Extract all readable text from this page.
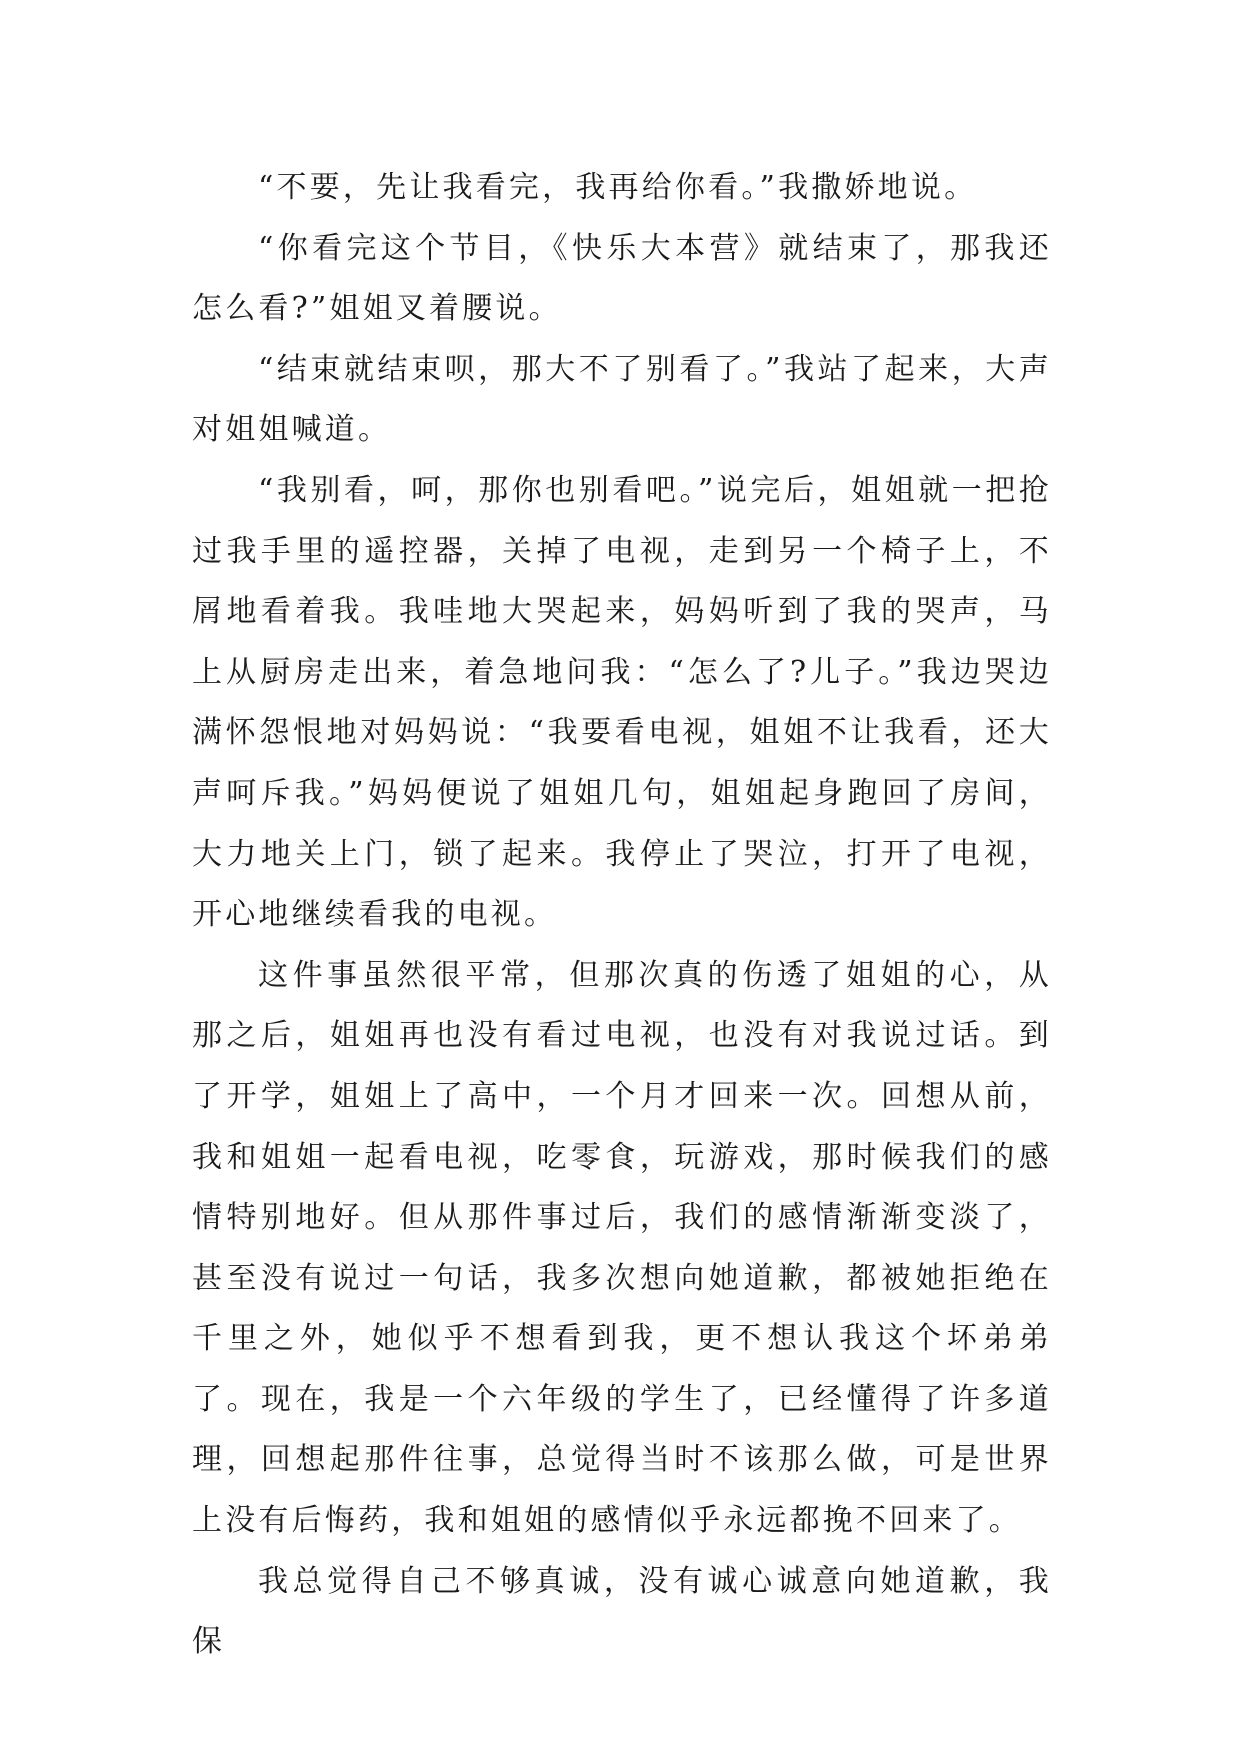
“不要，先让我看完，我再给你看。”我撒娇地说。

“你看完这个节目，《快乐大本营》就结束了，那我还怎么看?”姐姐叉着腰说。

“结束就结束呗，那大不了别看了。”我站了起来，大声对姐姐喊道。

“我别看，呵，那你也别看吧。”说完后，姐姐就一把抢过我手里的遥控器，关掉了电视，走到另一个椅子上，不屑地看着我。我哇地大哭起来，妈妈听到了我的哭声，马上从厨房走出来，着急地问我：“怎么了?儿子。”我边哭边满怀怨恨地对妈妈说：“我要看电视，姐姐不让我看，还大声呵斥我。”妈妈便说了姐姐几句，姐姐起身跑回了房间，大力地关上门，锁了起来。我停止了哭泣，打开了电视，开心地继续看我的电视。

这件事虽然很平常，但那次真的伤透了姐姐的心，从那之后，姐姐再也没有看过电视，也没有对我说过话。到了开学，姐姐上了高中，一个月才回来一次。回想从前，我和姐姐一起看电视，吃零食，玩游戏，那时候我们的感情特别地好。但从那件事过后，我们的感情渐渐变淡了，甚至没有说过一句话，我多次想向她道歉，都被她拒绝在千里之外，她似乎不想看到我，更不想认我这个坏弟弟了。现在，我是一个六年级的学生了，已经懂得了许多道理，回想起那件往事，总觉得当时不该那么做，可是世界上没有后悔药，我和姐姐的感情似乎永远都挽不回来了。

我总觉得自己不够真诚，没有诚心诚意向她道歉，我保
